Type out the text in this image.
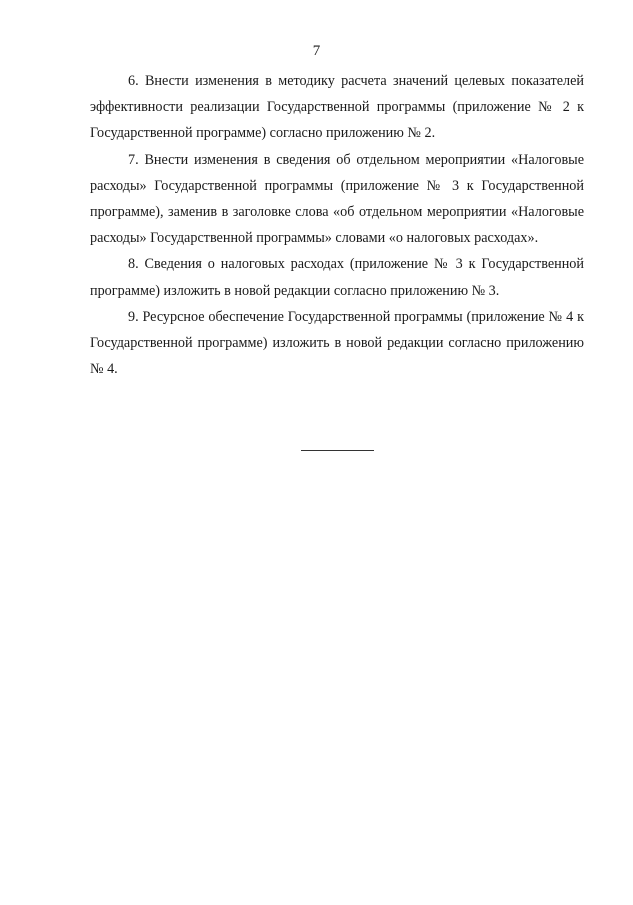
7

6. Внести изменения в методику расчета значений целевых показателей эффективности реализации Государственной программы (приложение № 2 к Государственной программе) согласно приложению № 2.

7. Внести изменения в сведения об отдельном мероприятии «Налоговые расходы» Государственной программы (приложение № 3 к Государственной программе), заменив в заголовке слова «об отдельном мероприятии «Налоговые расходы» Государственной программы» словами «о налоговых расходах».

8. Сведения о налоговых расходах (приложение № 3 к Государственной программе) изложить в новой редакции согласно приложению № 3.

9. Ресурсное обеспечение Государственной программы (приложение № 4 к Государственной программе) изложить в новой редакции согласно приложению № 4.
